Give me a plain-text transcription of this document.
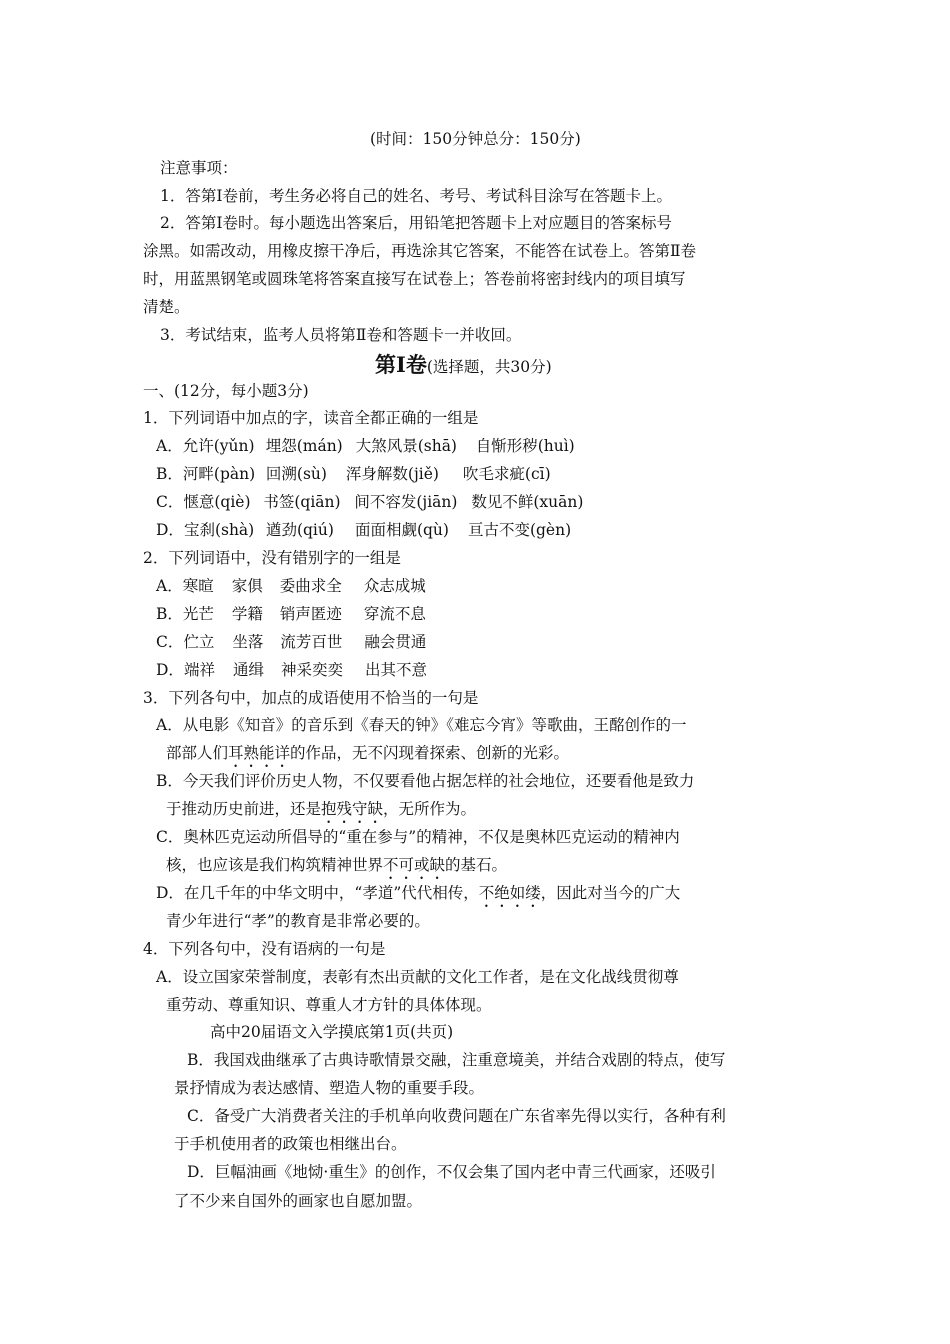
(时间：150分钟总分：150分)
注意事项：
1．答第Ⅰ卷前，考生务必将自己的姓名、考号、考试科目涂写在答题卡上。
2．答第Ⅰ卷时。每小题选出答案后，用铅笔把答题卡上对应题目的答案标号
涂黑。如需改动，用橡皮擦干净后，再选涂其它答案，不能答在试卷上。答第Ⅱ卷
时，用蓝黑钢笔或圆珠笔将答案直接写在试卷上；答卷前将密封线内的项目填写
清楚。
3．考试结束，监考人员将第Ⅱ卷和答题卡一并收回。
第Ⅰ卷(选择题，共30分)
一、(12分，每小题3分)
1．下列词语中加点的字，读音全都正确的一组是
A．允许(yǔn) 埋怨(mán) 大煞风景(shā) 自惭形秽(huì)
B．河畔(pàn) 回溯(sù) 浑身解数(jiě) 吹毛求疵(cī)
C．惬意(qiè) 书签(qiān) 间不容发(jiān) 数见不鲜(xuān)
D．宝刹(shà) 遒劲(qiú) 面面相觑(qù) 亘古不变(gèn)
2．下列词语中，没有错别字的一组是
A．寒暄 家俱 委曲求全 众志成城
B．光芒 学籍 销声匿迹 穿流不息
C．伫立 坐落 流芳百世 融会贯通
D．端祥 通缉 神采奕奕 出其不意
3．下列各句中，加点的成语使用不恰当的一句是
A．从电影《知音》的音乐到《春天的钟》《难忘今宵》等歌曲，王酩创作的一
部部人们耳熟能详的作品，无不闪现着探索、创新的光彩。
B．今天我们评价历史人物，不仅要看他占据怎样的社会地位，还要看他是致力
于推动历史前进，还是抱残守缺，无所作为。
C．奥林匹克运动所倡导的“重在参与”的精神，不仅是奥林匹克运动的精神内
核，也应该是我们构筑精神世界不可或缺的基石。
D．在几千年的中华文明中，“孝道”代代相传，不绝如缕，因此对当今的广大
青少年进行“孝”的教育是非常必要的。
4．下列各句中，没有语病的一句是
A．设立国家荣誉制度，表彰有杰出贡献的文化工作者，是在文化战线贯彻尊
重劳动、尊重知识、尊重人才方针的具体体现。
高中20届语文入学摸底第1页(共页)
B．我国戏曲继承了古典诗歌情景交融，注重意境美，并结合戏剧的特点，使写
景抒情成为表达感情、塑造人物的重要手段。
C．备受广大消费者关注的手机单向收费问题在广东省率先得以实行，各种有利
于手机使用者的政策也相继出台。
D．巨幅油画《地恸·重生》的创作，不仅会集了国内老中青三代画家，还吸引
了不少来自国外的画家也自愿加盟。
